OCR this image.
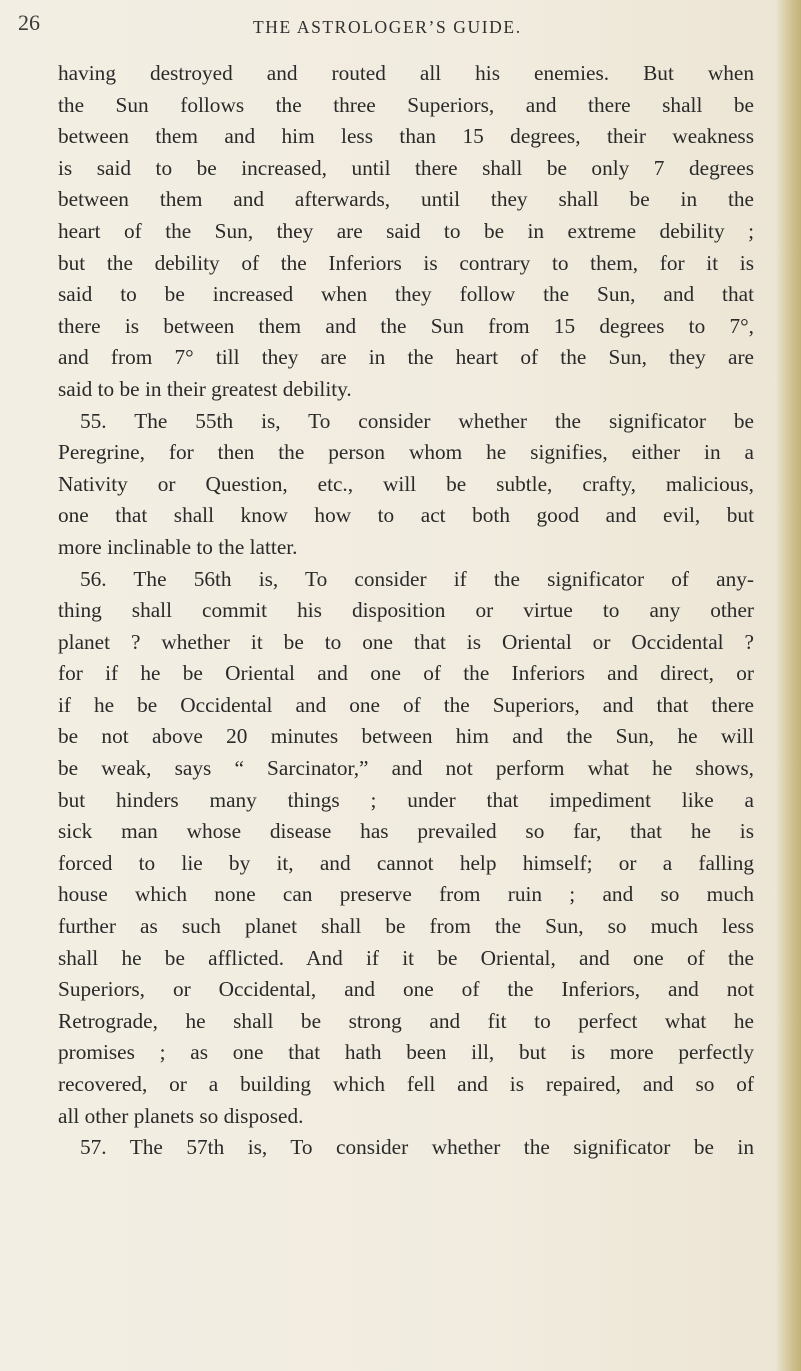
26	THE ASTROLOGER’S GUIDE.
having destroyed and routed all his enemies. But when
the Sun follows the three Superiors, and there shall be
between them and him less than 15 degrees, their weakness
is said to be increased, until there shall be only 7 degrees
between them and afterwards, until they shall be in the
heart of the Sun, they are said to be in extreme debility ;
but the debility of the Inferiors is contrary to them, for it is
said to be increased when they follow the Sun, and that
there is between them and the Sun from 15 degrees to 7°,
and from 7° till they are in the heart of the Sun, they are
said to be in their greatest debility.
55. The 55th is, To consider whether the significator be
Peregrine, for then the person whom he signifies, either in a
Nativity or Question, etc., will be subtle, crafty, malicious,
one that shall know how to act both good and evil, but
more inclinable to the latter.
56. The 56th is, To consider if the significator of any-
thing shall commit his disposition or virtue to any other
planet ? whether it be to one that is Oriental or Occidental ?
for if he be Oriental and one of the Inferiors and direct, or
if he be Occidental and one of the Superiors, and that there
be not above 20 minutes between him and the Sun, he will
be weak, says “ Sarcinator,” and not perform what he shows,
but hinders many things ; under that impediment like a
sick man whose disease has prevailed so far, that he is
forced to lie by it, and cannot help himself; or a falling
house which none can preserve from ruin ; and so much
further as such planet shall be from the Sun, so much less
shall he be afflicted. And if it be Oriental, and one of the
Superiors, or Occidental, and one of the Inferiors, and not
Retrograde, he shall be strong and fit to perfect what he
promises ; as one that hath been ill, but is more perfectly
recovered, or a building which fell and is repaired, and so of
all other planets so disposed.
57. The 57th is, To consider whether the significator be in
